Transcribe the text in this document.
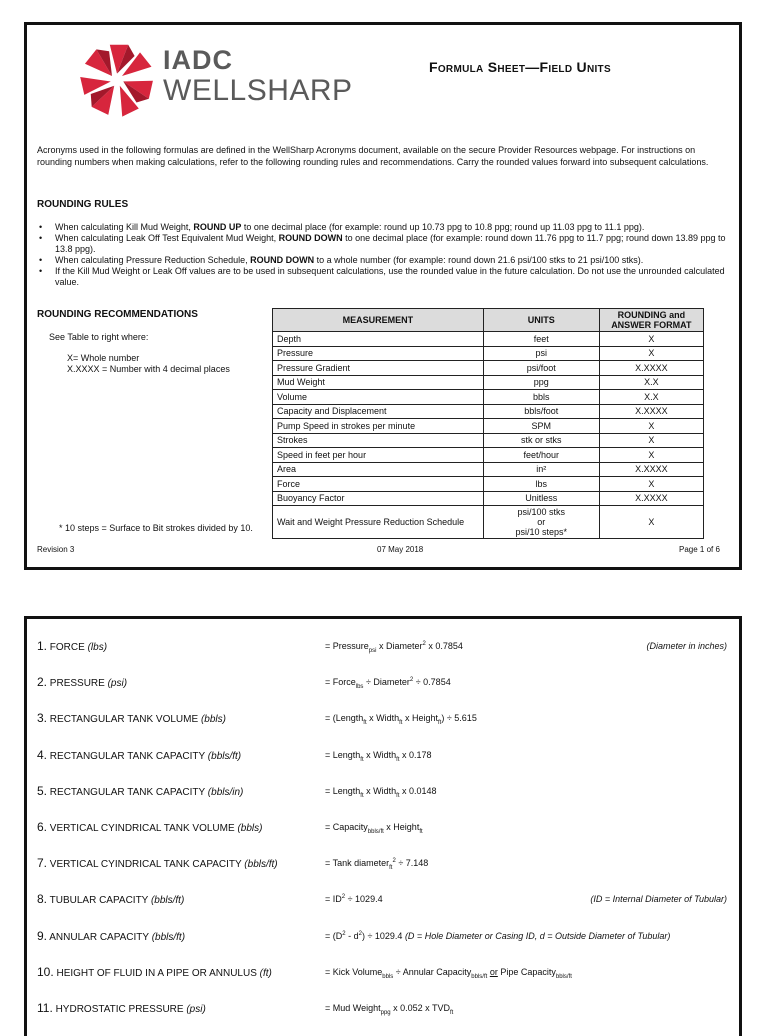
IADC
WELLSHARP
Formula Sheet—Field Units
Acronyms used in the following formulas are defined in the WellSharp Acronyms document, available on the secure Provider Resources webpage. For instructions on rounding numbers when making calculations, refer to the following rounding rules and recommendations. Carry the rounded values forward into subsequent calculations.
ROUNDING RULES
• When calculating Kill Mud Weight, ROUND UP to one decimal place (for example: round up 10.73 ppg to 10.8 ppg; round up 11.03 ppg to 11.1 ppg).
• When calculating Leak Off Test Equivalent Mud Weight, ROUND DOWN to one decimal place (for example: round down 11.76 ppg to 11.7 ppg; round down 13.89 ppg to 13.8 ppg).
• When calculating Pressure Reduction Schedule, ROUND DOWN to a whole number (for example: round down 21.6 psi/100 stks to 21 psi/100 stks).
• If the Kill Mud Weight or Leak Off values are to be used in subsequent calculations, use the rounded value in the future calculation. Do not use the unrounded calculated value.
ROUNDING RECOMMENDATIONS
See Table to right where:
X= Whole number
X.XXXX = Number with 4 decimal places
* 10 steps = Surface to Bit strokes divided by 10.
MEASUREMENT	UNITS	ROUNDING and ANSWER FORMAT
Depth	feet	X
Pressure	psi	X
Pressure Gradient	psi/foot	X.XXXX
Mud Weight	ppg	X.X
Volume	bbls	X.X
Capacity and Displacement	bbls/foot	X.XXXX
Pump Speed in strokes per minute	SPM	X
Strokes	stk or stks	X
Speed in feet per hour	feet/hour	X
Area	in²	X.XXXX
Force	lbs	X
Buoyancy Factor	Unitless	X.XXXX
Wait and Weight Pressure Reduction Schedule	psi/100 stks
or
psi/10 steps*	X
Revision 3	07 May 2018	Page 1 of 6
1. FORCE (lbs)	= Pressure$_{psi}$ x Diameter$^2$ x 0.7854	(Diameter in inches)
2. PRESSURE (psi)	= Force$_{lbs}$ ÷ Diameter$^2$ ÷ 0.7854
3. RECTANGULAR TANK VOLUME (bbls)	= (Length$_{ft}$ x Width$_{ft}$ x Height$_{ft}$) ÷ 5.615
4. RECTANGULAR TANK CAPACITY (bbls/ft)	= Length$_{ft}$ x Width$_{ft}$ x 0.178
5. RECTANGULAR TANK CAPACITY (bbls/in)	= Length$_{ft}$ x Width$_{ft}$ x 0.0148
6. VERTICAL CYINDRICAL TANK VOLUME (bbls)	= Capacity$_{bbls/ft}$ x Height$_{ft}$
7. VERTICAL CYINDRICAL TANK CAPACITY (bbls/ft)	= Tank diameter$_{ft}^2$ ÷ 7.148
8. TUBULAR CAPACITY (bbls/ft)	= $ID^2 \div 1029.4$	(ID = Internal Diameter of Tubular)
9. ANNULAR CAPACITY (bbls/ft)	= $(D^2 - d^2) \div 1029.4$ (D = Hole Diameter or Casing ID, d = Outside Diameter of Tubular)
10. HEIGHT OF FLUID IN A PIPE OR ANNULUS (ft)	= Kick Volume$_{bbls}$ ÷ Annular Capacity$_{bbls/ft}$ or Pipe Capacity$_{bbls/ft}$
11. HYDROSTATIC PRESSURE (psi)	= Mud Weight$_{ppg}$ x 0.052 x $TVD_{ft}$
